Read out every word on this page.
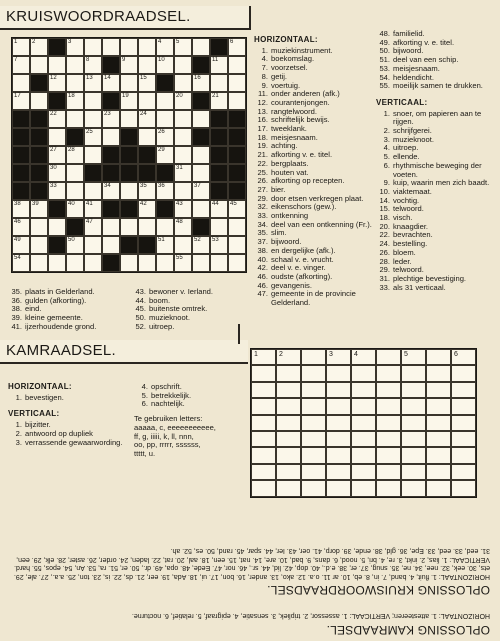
KRUISWOORDRAADSEL.
1 2	3	4 5	6
7	8	9	10	11
12	13 14	15	16
17	18	19	20	21
22	23	24
25	26
27 28	29
30	31
33	34	35 36	37
38 39	40 41	42	43	44 45
46	47	48
49	50	51	52 53
54	55
HORIZONTAAL:
1. muziekinstrument.
4. boekomslag.
7. voorzetsel.
8. getij.
9. voertuig.
11. onder anderen (afk.)
12. courantenjongen.
13. rangtelwoord.
16. schriftelijk bewijs.
17. tweeklank.
18. meisjesnaam.
19. achting.
21. afkorting v. e. titel.
22. bergplaats.
25. houten vat.
26. afkorting op recepten.
27. bier.
29. door etsen verkregen plaat.
32. eikenschors (gew.).
33. ontkenning
34. deel van een ontkenning (Fr.).
35. slim.
37. bijwoord.
38. en dergelijke (afk.).
40. schaal v. e. vrucht.
42. deel v. e. vinger.
46. oudste (afkorting).
46. gevangenis.
47. gemeente in de provincie Gelderland.
48. familielid.
49. afkorting v. e. titel.
50. bijwoord.
51. deel van een schip.
53. meisjesnaam.
54. heldendicht.
55. moeilijk samen te drukken.
VERTICAAL:
1. snoer, om papieren aan te rijgen.
2. schrijfgerei.
3. muzieknoot.
4. uitroep.
5. ellende.
6. rhythmische beweging der voeten.
9. kuip, waarin men zich baadt.
10. viaktemaat.
14. vochtig.
15. telwoord.
18. visch.
20. knaagdier.
22. bevrachten.
24. bestelling.
26. bloem.
28. leder.
29. telwoord.
31. plechtige bevestiging.
33. als 31 verticaal.
35. plaats in Gelderland.
36. gulden (afkorting).
38. eind.
39. kleine gemeente.
41. ijzerhoudende grond.
43. bewoner v. Ierland.
44. boom.
45. buitenste omtrek.
50. muzieknoot.
52. uitroep.
KAMRAADSEL.	1	2	3	4	5	6
HORIZONTAAL:
1. bevestigen.
VERTICAAL:
1. bijzitter.
2. antwoord op dupliek
3. verrassende gewaarwording.
4. opschrift.
5. betrekkelijk.
6. nachtelijk.
Te gebruiken letters:
aaaaa, c, eeeeeeeeeee,
ff, g, iiiii, k, ll, nnn,
oo, pp, rrrrr, ssssss,
ttttt, u.
OPLOSSING KAMRAADSEL.
HORIZONTAAL: 1. attesteeren; VERTICAAL: 1. assessor, 2. tripliek, 3. sensatie, 4. epigraaf, 5. relatief, 6. nocturne.
OPLOSSING KRUISWOORDRAADSEL.
HORIZONTAAL: 1. fluit, 4. band, 7. in, 8. eb, 10. ar 11. o.a. 12. ako, 13. ander, 16. bon, 17. ui, 18. Ada, 19. eer, 21. ds, 22. is, 23. ton, 25. a.a., 27. ale, 29. ets, 30. eek, 32. nee, 34. ne, 35. snug, 37. er, 38. e.d., 40. dop, 42. lid, 44. sr., 46. nor, 47. Eede, 48. opa, 49. dr., 50. er, 51. ra, 53. An, 54. epos, 55. hard. VERTICAAL: 1. lias, 2. inkt, 3. re, 4. bri, 5. nood, 6. dans, 9. bad, 10. are, 14. nat, 15. een, 18. aal, 20. rat, 22. laden, 24. order, 26. aster, 28. elk, 29. een, 31. eed, 33. eed, 33. Epe, 36. gld, 38. ende, 39. dorp, 41. oer, 43. Ier, 44. spar, 45. rand, 50. es, 52. ah.
